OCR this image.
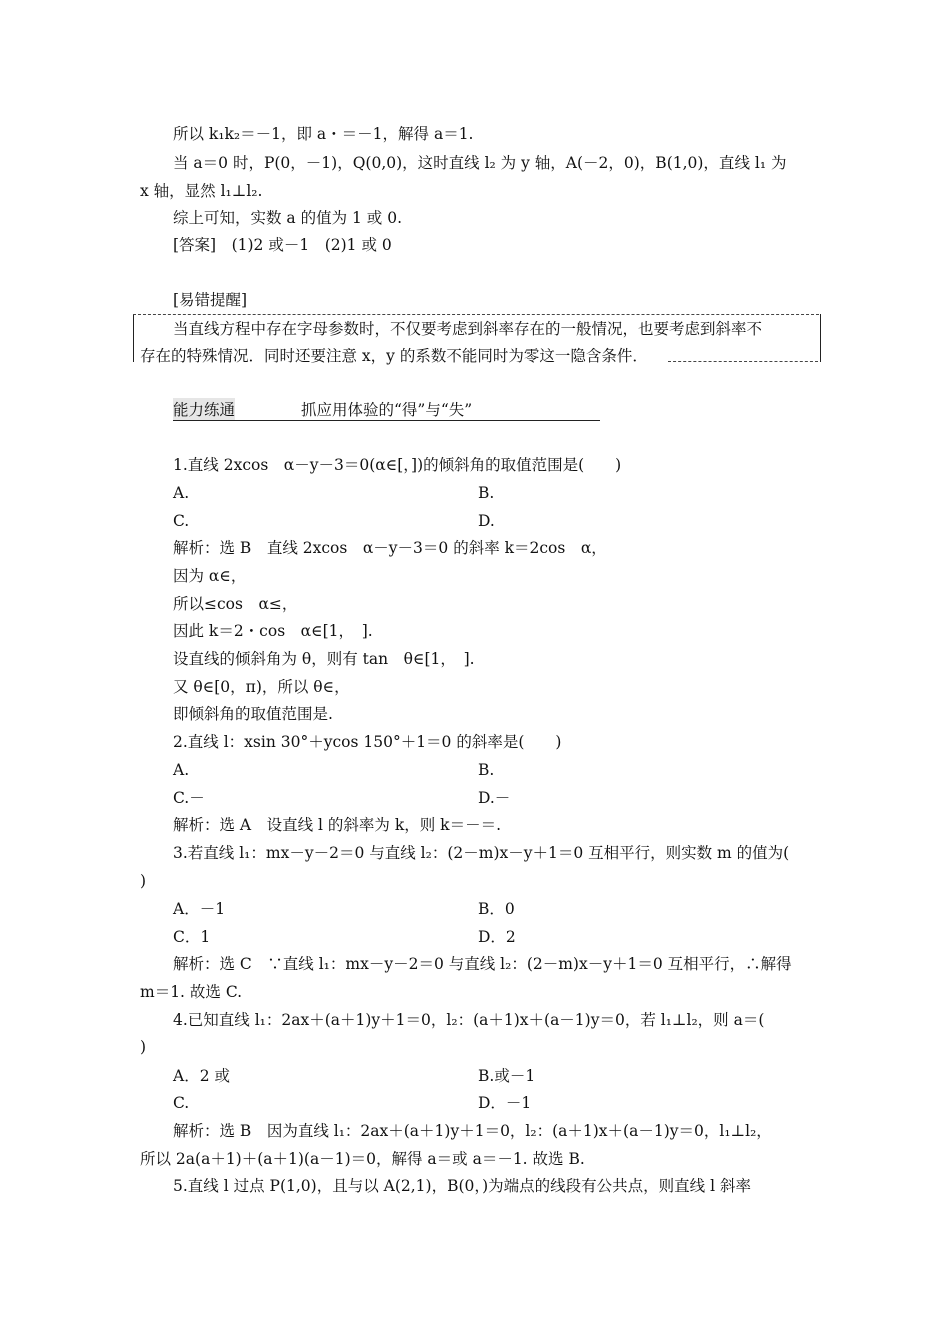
所以 k₁k₂＝－1，即 a・＝－1，解得 a＝1.
当 a＝0 时，P(0，－1)，Q(0,0)，这时直线 l₂ 为 y 轴，A(－2，0)，B(1,0)，直线 l₁ 为
x 轴，显然 l₁⊥l₂.
综上可知，实数 a 的值为 1 或 0.
[答案]　(1)2 或－1　(2)1 或 0
[易错提醒]
当直线方程中存在字母参数时，不仅要考虑到斜率存在的一般情况，也要考虑到斜率不
存在的特殊情况．同时还要注意 x，y 的系数不能同时为零这一隐含条件．
能力练通	抓应用体验的“得”与“失”
1.直线 2xcos　α－y－3＝0(α∈[，])的倾斜角的取值范围是(　　)
A.	B.
C.	D.
解析：选 B　直线 2xcos　α－y－3＝0 的斜率 k＝2cos　α，
因为 α∈，
所以≤cos　α≤，
因此 k＝2・cos　α∈[1，　].
设直线的倾斜角为 θ，则有 tan　θ∈[1，　].
又 θ∈[0，π)，所以 θ∈，
即倾斜角的取值范围是.
2.直线 l：xsin 30°＋ycos 150°＋1＝0 的斜率是(　　)
A.	B.
C.－	D.－
解析：选 A　设直线 l 的斜率为 k，则 k＝－＝.
3.若直线 l₁：mx－y－2＝0 与直线 l₂：(2－m)x－y＋1＝0 互相平行，则实数 m 的值为(
)
A．－1	B．0
C．1	D．2
解析：选 C　∵直线 l₁：mx－y－2＝0 与直线 l₂：(2－m)x－y＋1＝0 互相平行，∴解得
m＝1. 故选 C.
4.已知直线 l₁：2ax＋(a＋1)y＋1＝0，l₂：(a＋1)x＋(a－1)y＝0，若 l₁⊥l₂，则 a＝(
)
A．2 或	B.或－1
C.	D．－1
解析：选 B　因为直线 l₁：2ax＋(a＋1)y＋1＝0，l₂：(a＋1)x＋(a－1)y＝0，l₁⊥l₂，
所以 2a(a＋1)＋(a＋1)(a－1)＝0，解得 a＝或 a＝－1. 故选 B.
5.直线 l 过点 P(1,0)，且与以 A(2,1)，B(0，)为端点的线段有公共点，则直线 l 斜率
